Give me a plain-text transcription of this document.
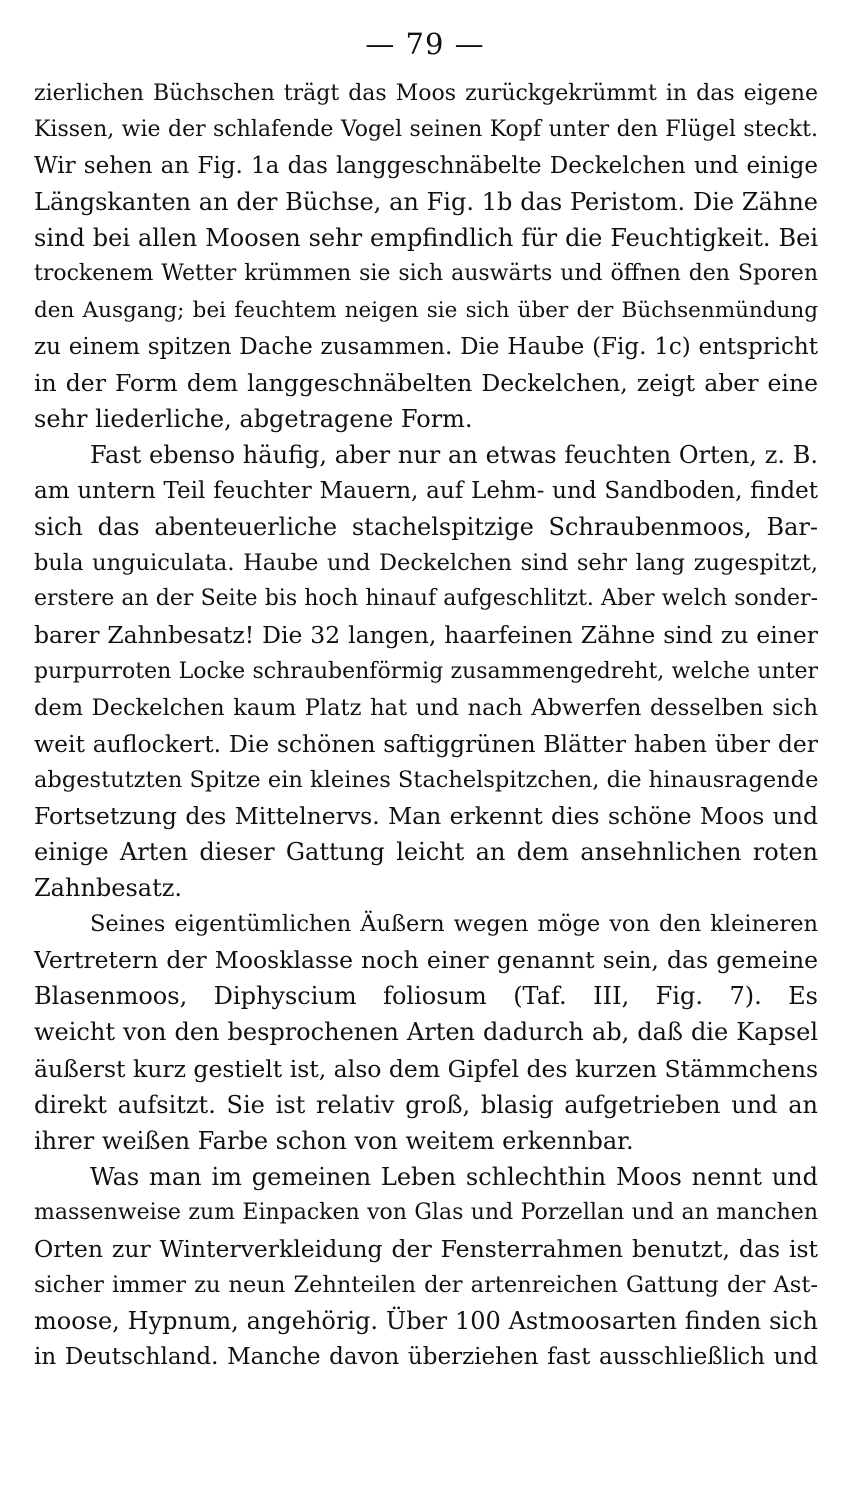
— 79 —
zierlichen Büchschen trägt das Moos zurückgekrümmt in das eigene
Kissen, wie der schlafende Vogel seinen Kopf unter den Flügel steckt.
Wir sehen an Fig. 1a das langgeschnäbelte Deckelchen und einige
Längskanten an der Büchse, an Fig. 1b das Peristom. Die Zähne
sind bei allen Moosen sehr empfindlich für die Feuchtigkeit. Bei
trockenem Wetter krümmen sie sich auswärts und öffnen den Sporen
den Ausgang; bei feuchtem neigen sie sich über der Büchsenmündung
zu einem spitzen Dache zusammen. Die Haube (Fig. 1c) entspricht
in der Form dem langgeschnäbelten Deckelchen, zeigt aber eine
sehr liederliche, abgetragene Form.
Fast ebenso häufig, aber nur an etwas feuchten Orten, z. B.
am untern Teil feuchter Mauern, auf Lehm- und Sandboden, findet
sich das abenteuerliche stachelspitzige Schraubenmoos, Bar-
bula unguiculata. Haube und Deckelchen sind sehr lang zugespitzt,
erstere an der Seite bis hoch hinauf aufgeschlitzt. Aber welch sonder-
barer Zahnbesatz! Die 32 langen, haarfeinen Zähne sind zu einer
purpurroten Locke schraubenförmig zusammengedreht, welche unter
dem Deckelchen kaum Platz hat und nach Abwerfen desselben sich
weit auflockert. Die schönen saftiggrünen Blätter haben über der
abgestutzten Spitze ein kleines Stachelspitzchen, die hinausragende
Fortsetzung des Mittelnervs. Man erkennt dies schöne Moos und
einige Arten dieser Gattung leicht an dem ansehnlichen roten
Zahnbesatz.
Seines eigentümlichen Äußern wegen möge von den kleineren
Vertretern der Moosklasse noch einer genannt sein, das gemeine
Blasenmoos, Diphyscium foliosum (Taf. III, Fig. 7). Es
weicht von den besprochenen Arten dadurch ab, daß die Kapsel
äußerst kurz gestielt ist, also dem Gipfel des kurzen Stämmchens
direkt aufsitzt. Sie ist relativ groß, blasig aufgetrieben und an
ihrer weißen Farbe schon von weitem erkennbar.
Was man im gemeinen Leben schlechthin Moos nennt und
massenweise zum Einpacken von Glas und Porzellan und an manchen
Orten zur Winterverkleidung der Fensterrahmen benutzt, das ist
sicher immer zu neun Zehnteilen der artenreichen Gattung der Ast-
moose, Hypnum, angehörig. Über 100 Astmoosarten finden sich
in Deutschland. Manche davon überziehen fast ausschließlich und
